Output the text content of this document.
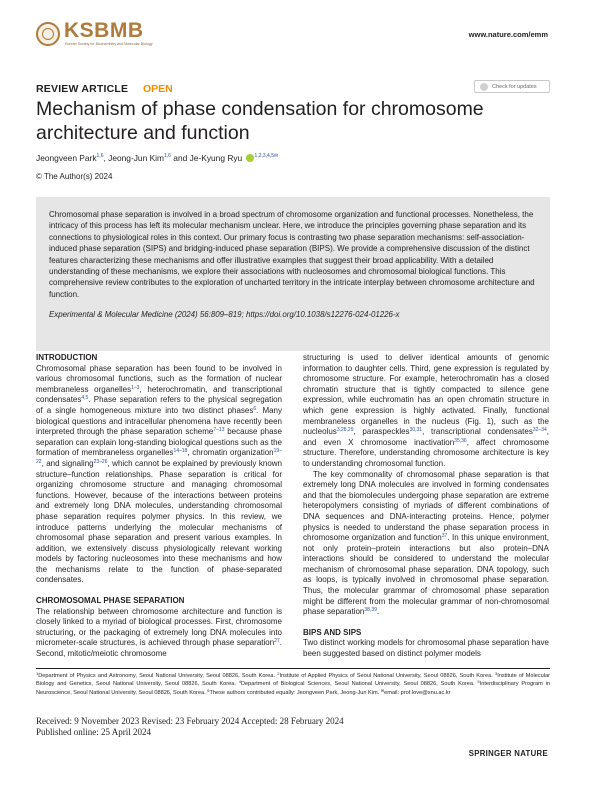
KSBMB
Korean Society for Biochemistry and Molecular Biology
www.nature.com/emm
REVIEW ARTICLE OPEN	Check for updates
Mechanism of phase condensation for chromosome architecture and function
Jeongveen Park$^{1,6}$, Jeong-Jun Kim$^{1,6}$ and Je-Kyung Ryu $^{1,2,3,4,5✉}$
© The Author(s) 2024
Chromosomal phase separation is involved in a broad spectrum of chromosome organization and functional processes. Nonetheless, the intricacy of this process has left its molecular mechanism unclear. Here, we introduce the principles governing phase separation and its connections to physiological roles in this context. Our primary focus is contrasting two phase separation mechanisms: self-association-induced phase separation (SIPS) and bridging-induced phase separation (BIPS). We provide a comprehensive discussion of the distinct features characterizing these mechanisms and offer illustrative examples that suggest their broad applicability. With a detailed understanding of these mechanisms, we explore their associations with nucleosomes and chromosomal biological functions. This comprehensive review contributes to the exploration of uncharted territory in the intricate interplay between chromosome architecture and function.
Experimental & Molecular Medicine (2024) 56:809–819; https://doi.org/10.1038/s12276-024-01226-x

INTRODUCTION

Chromosomal phase separation has been found to be involved in various chromosomal functions, such as the formation of nuclear membraneless organelles$^{1-3}$, heterochromatin, and transcriptional condensates$^{4,5}$. Phase separation refers to the physical segregation of a single homogeneous mixture into two distinct phases$^6$. Many biological questions and intracellular phenomena have recently been interpreted through the phase separation scheme$^{7-13}$ because phase separation can explain long-standing biological questions such as the formation of membraneless organelles$^{14-18}$, chromatin organization$^{19-22}$, and signaling$^{23-26}$, which cannot be explained by previously known structure–function relationships. Phase separation is critical for organizing chromosome structure and managing chromosomal functions. However, because of the interactions between proteins and extremely long DNA molecules, understanding chromosomal phase separation requires polymer physics. In this review, we introduce patterns underlying the molecular mechanisms of chromosomal phase separation and present various examples. In addition, we extensively discuss physiologically relevant working models by factoring nucleosomes into these mechanisms and how the mechanisms relate to the function of phase-separated condensates.

CHROMOSOMAL PHASE SEPARATION

The relationship between chromosome architecture and function is closely linked to a myriad of biological processes. First, chromosome structuring, or the packaging of extremely long DNA molecules into micrometer-scale structures, is achieved through phase separation$^{27}$. Second, mitotic/meiotic chromosome

structuring is used to deliver identical amounts of genomic information to daughter cells. Third, gene expression is regulated by chromosome structure. For example, heterochromatin has a closed chromatin structure that is tightly compacted to silence gene expression, while euchromatin has an open chromatin structure in which gene expression is highly activated. Finally, functional membraneless organelles in the nucleus (Fig. 1), such as the nucleolus$^{3,28,29}$, paraspeckles$^{30,31}$, transcriptional condensates$^{32-34}$, and even X chromosome inactivation$^{35,36}$, affect chromosome structure. Therefore, understanding chromosome architecture is key to understanding chromosomal function.

The key commonality of chromosomal phase separation is that extremely long DNA molecules are involved in forming condensates and that the biomolecules undergoing phase separation are extreme heteropolymers consisting of myriads of different combinations of DNA sequences and DNA-interacting proteins. Hence, polymer physics is needed to understand the phase separation process in chromosome organization and function$^{37}$. In this unique environment, not only protein–protein interactions but also protein–DNA interactions should be considered to understand the molecular mechanism of chromosomal phase separation. DNA topology, such as loops, is typically involved in chromosomal phase separation. Thus, the molecular grammar of chromosomal phase separation might be different from the molecular grammar of non-chromosomal phase separation$^{38,39}$.

BIPS AND SIPS

Two distinct working models for chromosomal phase separation have been suggested based on distinct polymer models

$^1$Department of Physics and Astronomy, Seoul National University, Seoul 08826, South Korea. $^2$Institute of Applied Physics of Seoul National University, Seoul 08826, South Korea. $^3$Institute of Molecular Biology and Genetics, Seoul National University, Seoul 08826, South Korea. $^4$Department of Biological Sciences, Seoul National University, Seoul 08826, South Korea. $^5$Interdisciplinary Program in Neuroscience, Seoul National University, Seoul 08826, South Korea. $^6$These authors contributed equally: Jeongveen Park, Jeong-Jun Kim. ✉email: prof.love@snu.ac.kr
Received: 9 November 2023 Revised: 23 February 2024 Accepted: 28 February 2024
Published online: 25 April 2024
SPRINGER NATURE
